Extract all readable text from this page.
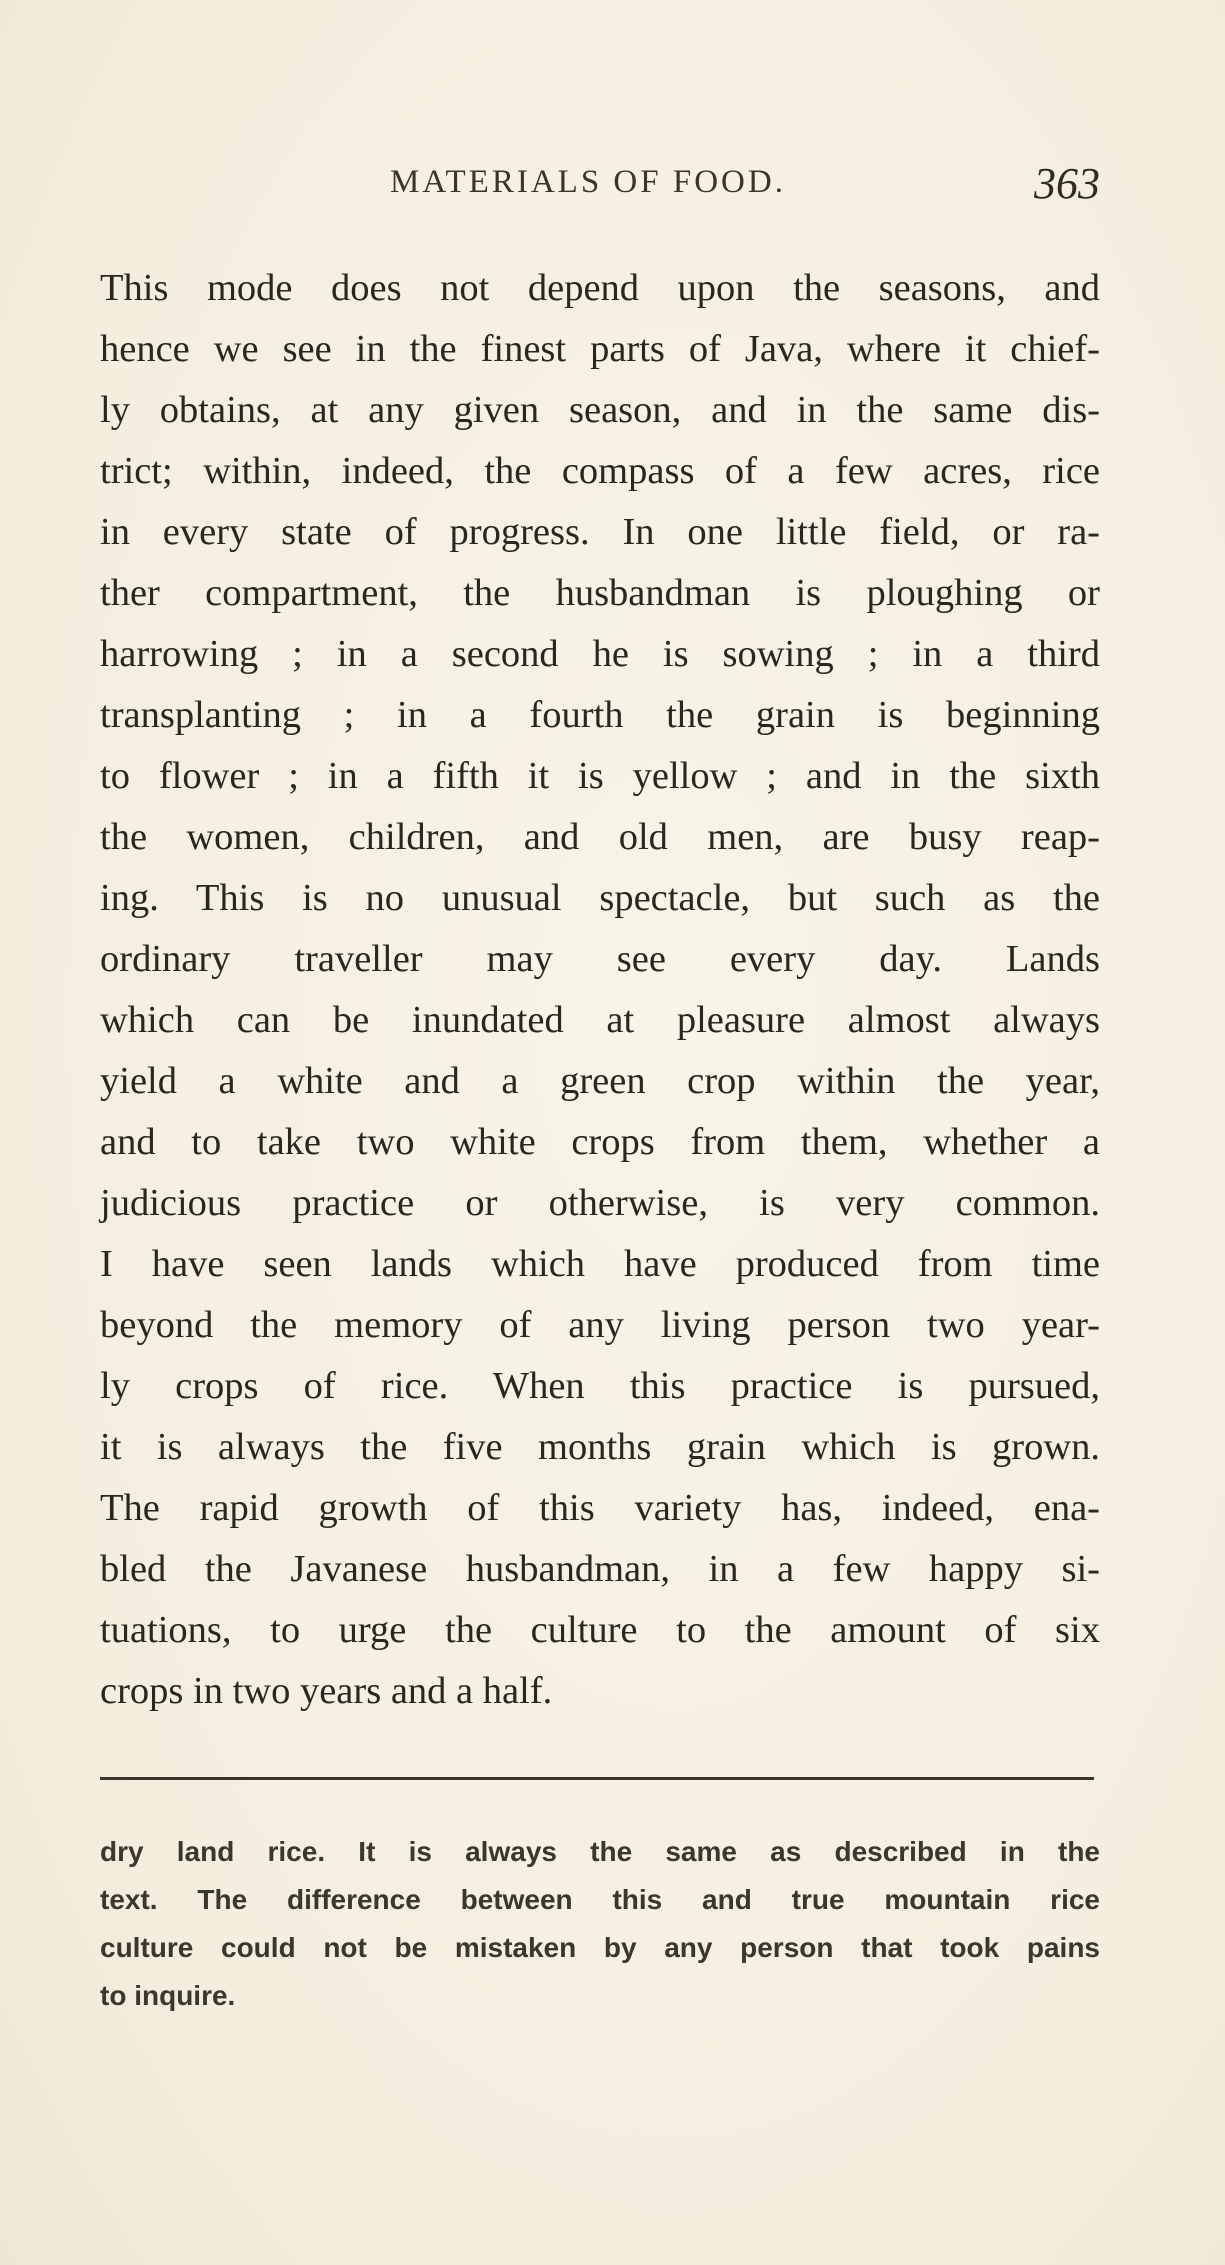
MATERIALS OF FOOD.	363
This mode does not depend upon the seasons, and
hence we see in the finest parts of Java, where it chief-
ly obtains, at any given season, and in the same dis-
trict; within, indeed, the compass of a few acres, rice
in every state of progress. In one little field, or ra-
ther compartment, the husbandman is ploughing or
harrowing ; in a second he is sowing ; in a third
transplanting ; in a fourth the grain is beginning
to flower ; in a fifth it is yellow ; and in the sixth
the women, children, and old men, are busy reap-
ing. This is no unusual spectacle, but such as the
ordinary traveller may see every day. Lands
which can be inundated at pleasure almost always
yield a white and a green crop within the year,
and to take two white crops from them, whether a
judicious practice or otherwise, is very common.
I have seen lands which have produced from time
beyond the memory of any living person two year-
ly crops of rice. When this practice is pursued,
it is always the five months grain which is grown.
The rapid growth of this variety has, indeed, ena-
bled the Javanese husbandman, in a few happy si-
tuations, to urge the culture to the amount of six
crops in two years and a half.
dry land rice. It is always the same as described in the
text. The difference between this and true mountain rice
culture could not be mistaken by any person that took pains
to inquire.
